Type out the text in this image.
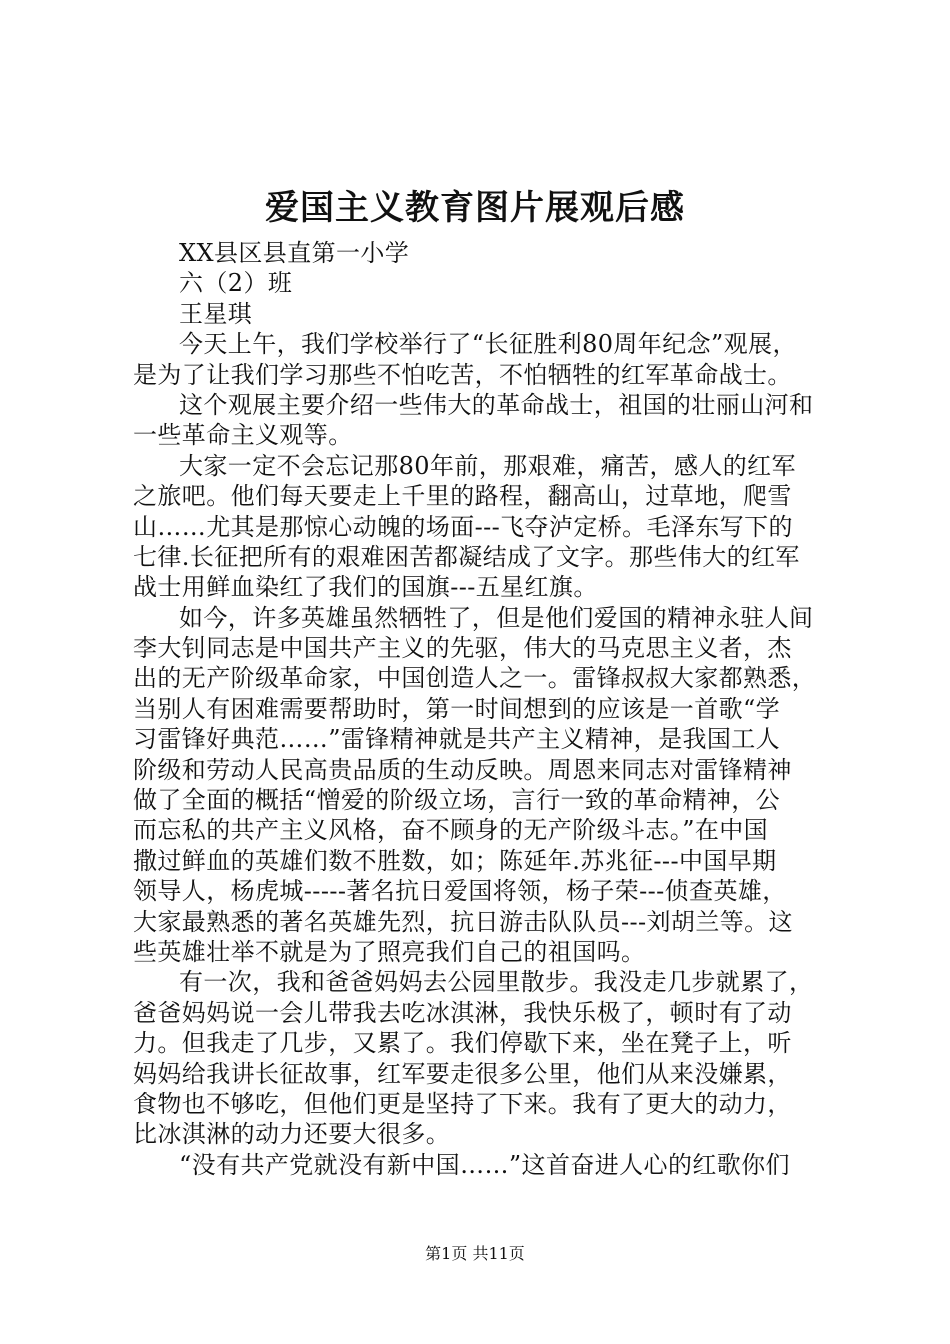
爱国主义教育图片展观后感
XX县区县直第一小学
六（2）班
王星琪
今天上午，我们学校举行了“长征胜利80周年纪念”观展，
是为了让我们学习那些不怕吃苦，不怕牺牲的红军革命战士。
这个观展主要介绍一些伟大的革命战士，祖国的壮丽山河和
一些革命主义观等。
大家一定不会忘记那80年前，那艰难，痛苦，感人的红军
之旅吧。他们每天要走上千里的路程，翻高山，过草地，爬雪
山……尤其是那惊心动魄的场面---飞夺泸定桥。毛泽东写下的
七律.长征把所有的艰难困苦都凝结成了文字。那些伟大的红军
战士用鲜血染红了我们的国旗---五星红旗。
如今，许多英雄虽然牺牲了，但是他们爱国的精神永驻人间
李大钊同志是中国共产主义的先驱，伟大的马克思主义者，杰
出的无产阶级革命家，中国创造人之一。雷锋叔叔大家都熟悉，
当别人有困难需要帮助时，第一时间想到的应该是一首歌“学
习雷锋好典范……”雷锋精神就是共产主义精神，是我国工人
阶级和劳动人民高贵品质的生动反映。周恩来同志对雷锋精神
做了全面的概括“憎爱的阶级立场，言行一致的革命精神，公
而忘私的共产主义风格，奋不顾身的无产阶级斗志。”在中国
撒过鲜血的英雄们数不胜数，如；陈延年.苏兆征---中国早期
领导人，杨虎城-----著名抗日爱国将领，杨子荣---侦查英雄，
大家最熟悉的著名英雄先烈，抗日游击队队员---刘胡兰等。这
些英雄壮举不就是为了照亮我们自己的祖国吗。
有一次，我和爸爸妈妈去公园里散步。我没走几步就累了，
爸爸妈妈说一会儿带我去吃冰淇淋，我快乐极了，顿时有了动
力。但我走了几步，又累了。我们停歇下来，坐在凳子上，听
妈妈给我讲长征故事，红军要走很多公里，他们从来没嫌累，
食物也不够吃，但他们更是坚持了下来。我有了更大的动力，
比冰淇淋的动力还要大很多。
“没有共产党就没有新中国……”这首奋进人心的红歌你们
第1页 共11页
